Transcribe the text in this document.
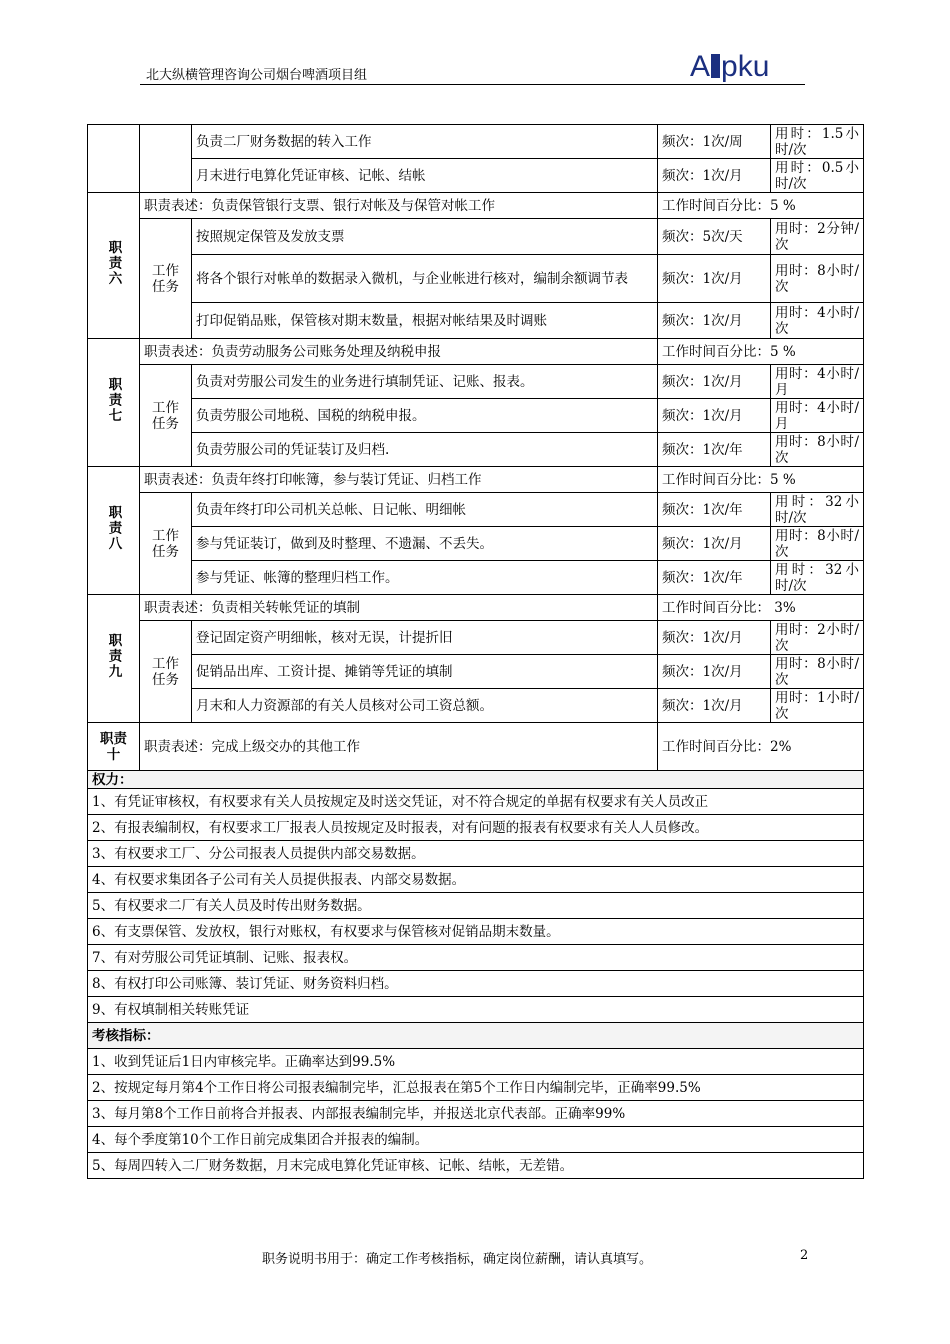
北大纵横管理咨询公司烟台啤酒项目组	A pku
		负责二厂财务数据的转入工作	频次：1次/周	用时：1.5小时/次
		月末进行电算化凭证审核、记帐、结帐	频次：1次/月	用时：0.5小时/次
职责六	职责表述：负责保管银行支票、银行对帐及与保管对帐工作		工作时间百分比：5 %	

	工作任务	按照规定保管及发放支票	频次：5次/天	用时：2分钟/次
		将各个银行对帐单的数据录入微机，与企业帐进行核对，编制余额调节表	频次：1次/月	用时：8小时/次
		打印促销品账，保管核对期末数量，根据对帐结果及时调账	频次：1次/月	用时：4小时/次
职责七	职责表述：负责劳动服务公司账务处理及纳税申报		工作时间百分比：5 %	

	工作任务	负责对劳服公司发生的业务进行填制凭证、记账、报表。	频次：1次/月	用时：4小时/月
		负责劳服公司地税、国税的纳税申报。	频次：1次/月	用时：4小时/月
		负责劳服公司的凭证装订及归档.	频次：1次/年	用时：8小时/次
职责八	职责表述：负责年终打印帐簿，参与装订凭证、归档工作		工作时间百分比：5 %	

	工作任务	负责年终打印公司机关总帐、日记帐、明细帐	频次：1次/年	用时：32小时/次
		参与凭证装订，做到及时整理、不遗漏、不丢失。	频次：1次/月	用时：8小时/次
		参与凭证、帐簿的整理归档工作。	频次：1次/年	用时：32小时/次
职责九	职责表述：负责相关转帐凭证的填制		工作时间百分比： 3%	

	工作任务	登记固定资产明细帐，核对无误，计提折旧	频次：1次/月	用时：2小时/次
		促销品出库、工资计提、摊销等凭证的填制	频次：1次/月	用时：8小时/次
		月末和人力资源部的有关人员核对公司工资总额。	频次：1次/月	用时：1小时/次

职责十	职责表述：完成上级交办的其他工作		工作时间百分比：2%	
权力：				
1、有凭证审核权，有权要求有关人员按规定及时送交凭证，对不符合规定的单据有权要求有关人员改正				
2、有报表编制权，有权要求工厂报表人员按规定及时报表，对有问题的报表有权要求有关人人员修改。				
3、有权要求工厂、分公司报表人员提供内部交易数据。				
4、有权要求集团各子公司有关人员提供报表、内部交易数据。				
5、有权要求二厂有关人员及时传出财务数据。				
6、有支票保管、发放权，银行对账权，有权要求与保管核对促销品期末数量。				
7、有对劳服公司凭证填制、记账、报表权。				
8、有权打印公司账簿、装订凭证、财务资料归档。				
9、有权填制相关转账凭证				
考核指标：				
1、收到凭证后1日内审核完毕。正确率达到99.5%				
2、按规定每月第4个工作日将公司报表编制完毕，汇总报表在第5个工作日内编制完毕，正确率99.5%				
3、每月第8个工作日前将合并报表、内部报表编制完毕，并报送北京代表部。正确率99%				
4、每个季度第10个工作日前完成集团合并报表的编制。				
5、每周四转入二厂财务数据，月末完成电算化凭证审核、记帐、结帐，无差错。				
职务说明书用于：确定工作考核指标，确定岗位薪酬，请认真填写。	2
